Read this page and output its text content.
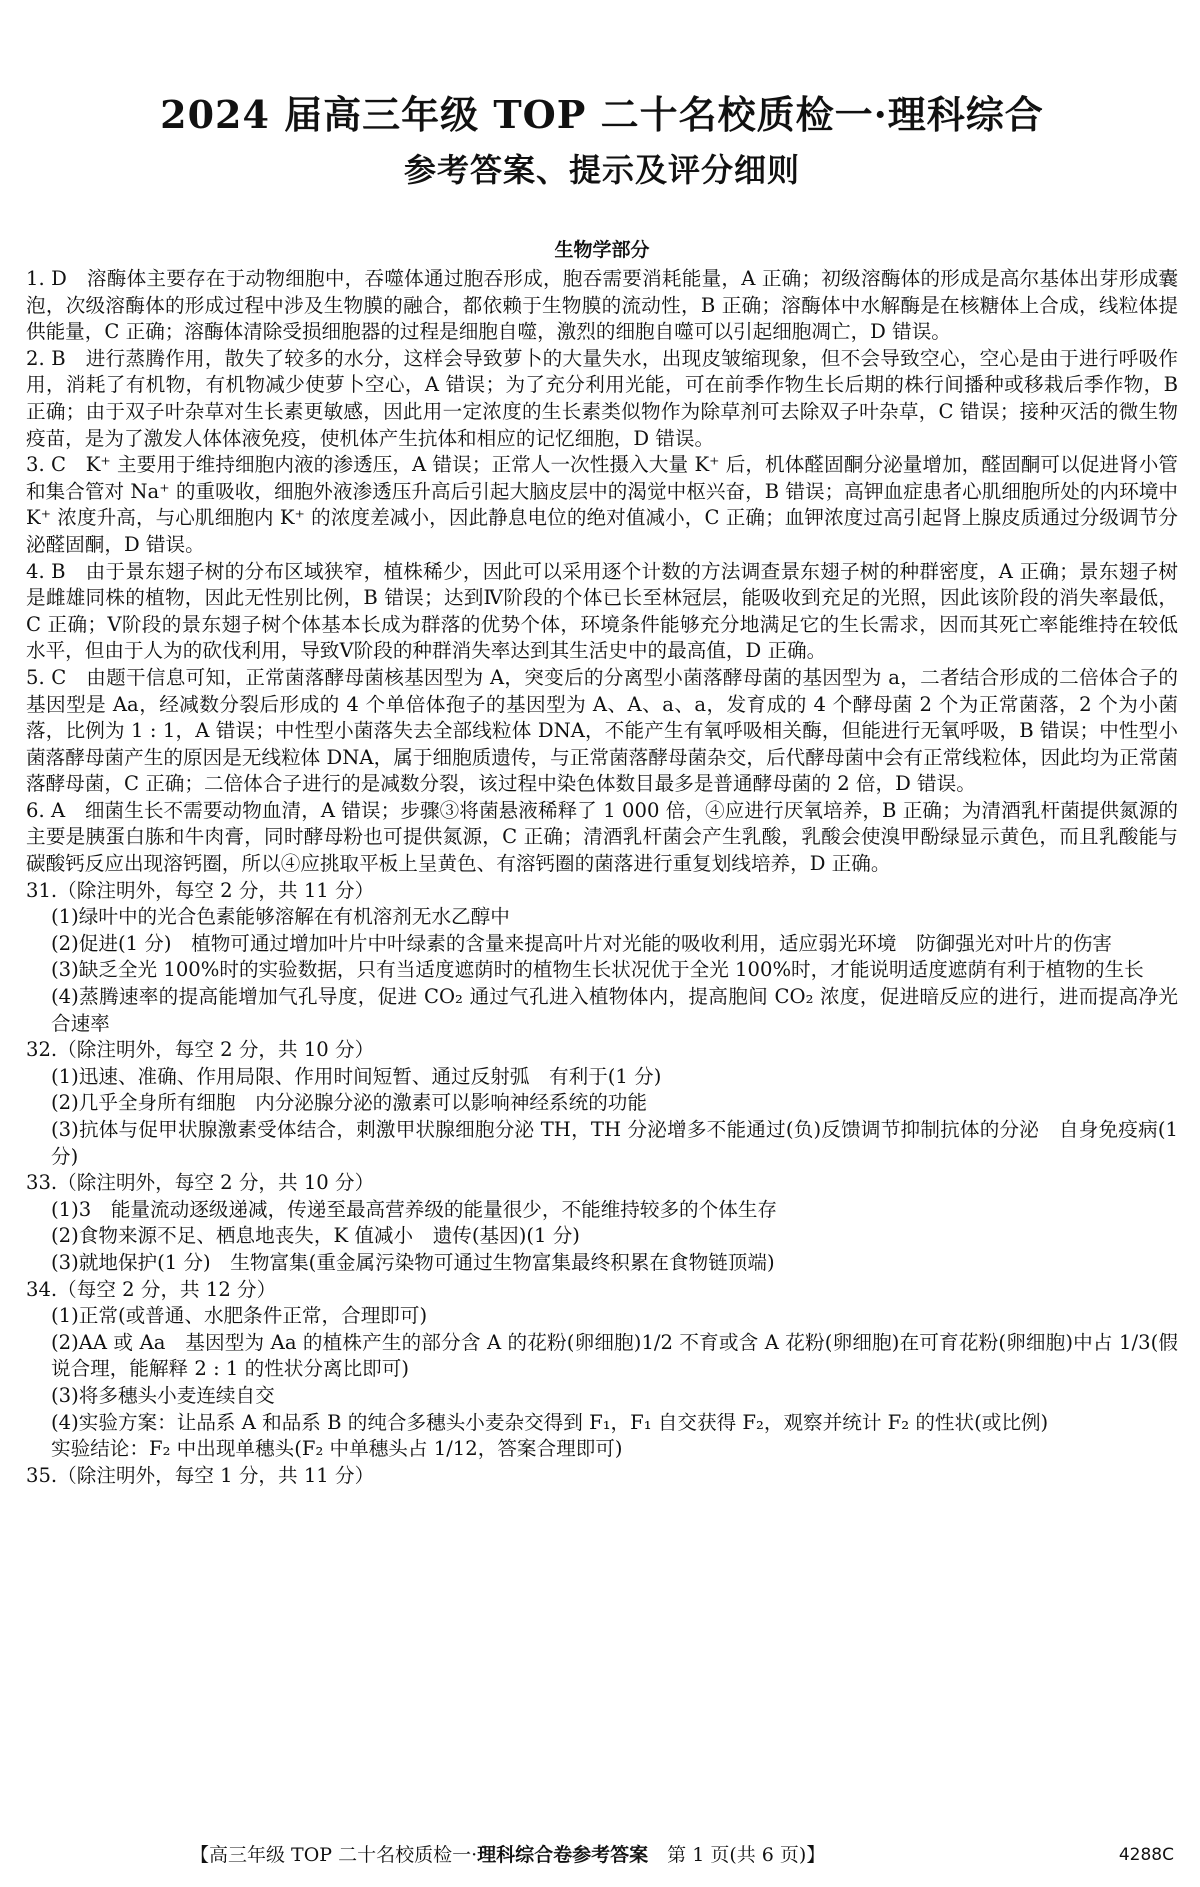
2024 届高三年级 TOP 二十名校质检一·理科综合
参考答案、提示及评分细则
生物学部分

1. D　溶酶体主要存在于动物细胞中，吞噬体通过胞吞形成，胞吞需要消耗能量，A 正确；初级溶酶体的形成是高尔基体出芽形成囊泡，次级溶酶体的形成过程中涉及生物膜的融合，都依赖于生物膜的流动性，B 正确；溶酶体中水解酶是在核糖体上合成，线粒体提供能量，C 正确；溶酶体清除受损细胞器的过程是细胞自噬，激烈的细胞自噬可以引起细胞凋亡，D 错误。

2. B　进行蒸腾作用，散失了较多的水分，这样会导致萝卜的大量失水，出现皮皱缩现象，但不会导致空心，空心是由于进行呼吸作用，消耗了有机物，有机物减少使萝卜空心，A 错误；为了充分利用光能，可在前季作物生长后期的株行间播种或移栽后季作物，B 正确；由于双子叶杂草对生长素更敏感，因此用一定浓度的生长素类似物作为除草剂可去除双子叶杂草，C 错误；接种灭活的微生物疫苗，是为了激发人体体液免疫，使机体产生抗体和相应的记忆细胞，D 错误。

3. C　K⁺ 主要用于维持细胞内液的渗透压，A 错误；正常人一次性摄入大量 K⁺ 后，机体醛固酮分泌量增加，醛固酮可以促进肾小管和集合管对 Na⁺ 的重吸收，细胞外液渗透压升高后引起大脑皮层中的渴觉中枢兴奋，B 错误；高钾血症患者心肌细胞所处的内环境中 K⁺ 浓度升高，与心肌细胞内 K⁺ 的浓度差减小，因此静息电位的绝对值减小，C 正确；血钾浓度过高引起肾上腺皮质通过分级调节分泌醛固酮，D 错误。

4. B　由于景东翅子树的分布区域狭窄，植株稀少，因此可以采用逐个计数的方法调查景东翅子树的种群密度，A 正确；景东翅子树是雌雄同株的植物，因此无性别比例，B 错误；达到Ⅳ阶段的个体已长至林冠层，能吸收到充足的光照，因此该阶段的消失率最低，C 正确；Ⅴ阶段的景东翅子树个体基本长成为群落的优势个体，环境条件能够充分地满足它的生长需求，因而其死亡率能维持在较低水平，但由于人为的砍伐利用，导致Ⅴ阶段的种群消失率达到其生活史中的最高值，D 正确。

5. C　由题干信息可知，正常菌落酵母菌核基因型为 A，突变后的分离型小菌落酵母菌的基因型为 a，二者结合形成的二倍体合子的基因型是 Aa，经减数分裂后形成的 4 个单倍体孢子的基因型为 A、A、a、a，发育成的 4 个酵母菌 2 个为正常菌落，2 个为小菌落，比例为 1 : 1，A 错误；中性型小菌落失去全部线粒体 DNA，不能产生有氧呼吸相关酶，但能进行无氧呼吸，B 错误；中性型小菌落酵母菌产生的原因是无线粒体 DNA，属于细胞质遗传，与正常菌落酵母菌杂交，后代酵母菌中会有正常线粒体，因此均为正常菌落酵母菌，C 正确；二倍体合子进行的是减数分裂，该过程中染色体数目最多是普通酵母菌的 2 倍，D 错误。

6. A　细菌生长不需要动物血清，A 错误；步骤③将菌悬液稀释了 1 000 倍，④应进行厌氧培养，B 正确；为清酒乳杆菌提供氮源的主要是胰蛋白胨和牛肉膏，同时酵母粉也可提供氮源，C 正确；清酒乳杆菌会产生乳酸，乳酸会使溴甲酚绿显示黄色，而且乳酸能与碳酸钙反应出现溶钙圈，所以④应挑取平板上呈黄色、有溶钙圈的菌落进行重复划线培养，D 正确。

31.（除注明外，每空 2 分，共 11 分）

(1)绿叶中的光合色素能够溶解在有机溶剂无水乙醇中

(2)促进(1 分)　植物可通过增加叶片中叶绿素的含量来提高叶片对光能的吸收利用，适应弱光环境　防御强光对叶片的伤害

(3)缺乏全光 100%时的实验数据，只有当适度遮荫时的植物生长状况优于全光 100%时，才能说明适度遮荫有利于植物的生长

(4)蒸腾速率的提高能增加气孔导度，促进 CO₂ 通过气孔进入植物体内，提高胞间 CO₂ 浓度，促进暗反应的进行，进而提高净光合速率

32.（除注明外，每空 2 分，共 10 分）

(1)迅速、准确、作用局限、作用时间短暂、通过反射弧　有利于(1 分)

(2)几乎全身所有细胞　内分泌腺分泌的激素可以影响神经系统的功能

(3)抗体与促甲状腺激素受体结合，刺激甲状腺细胞分泌 TH，TH 分泌增多不能通过(负)反馈调节抑制抗体的分泌　自身免疫病(1 分)

33.（除注明外，每空 2 分，共 10 分）

(1)3　能量流动逐级递减，传递至最高营养级的能量很少，不能维持较多的个体生存

(2)食物来源不足、栖息地丧失，K 值减小　遗传(基因)(1 分)

(3)就地保护(1 分)　生物富集(重金属污染物可通过生物富集最终积累在食物链顶端)

34.（每空 2 分，共 12 分）

(1)正常(或普通、水肥条件正常，合理即可)

(2)AA 或 Aa　基因型为 Aa 的植株产生的部分含 A 的花粉(卵细胞)1/2 不育或含 A 花粉(卵细胞)在可育花粉(卵细胞)中占 1/3(假说合理，能解释 2 : 1 的性状分离比即可)

(3)将多穗头小麦连续自交

(4)实验方案：让品系 A 和品系 B 的纯合多穗头小麦杂交得到 F₁，F₁ 自交获得 F₂，观察并统计 F₂ 的性状(或比例)

实验结论：F₂ 中出现单穗头(F₂ 中单穗头占 1/12，答案合理即可)

35.（除注明外，每空 1 分，共 11 分）

【高三年级 TOP 二十名校质检一·理科综合卷参考答案　第 1 页(共 6 页)】	4288C
